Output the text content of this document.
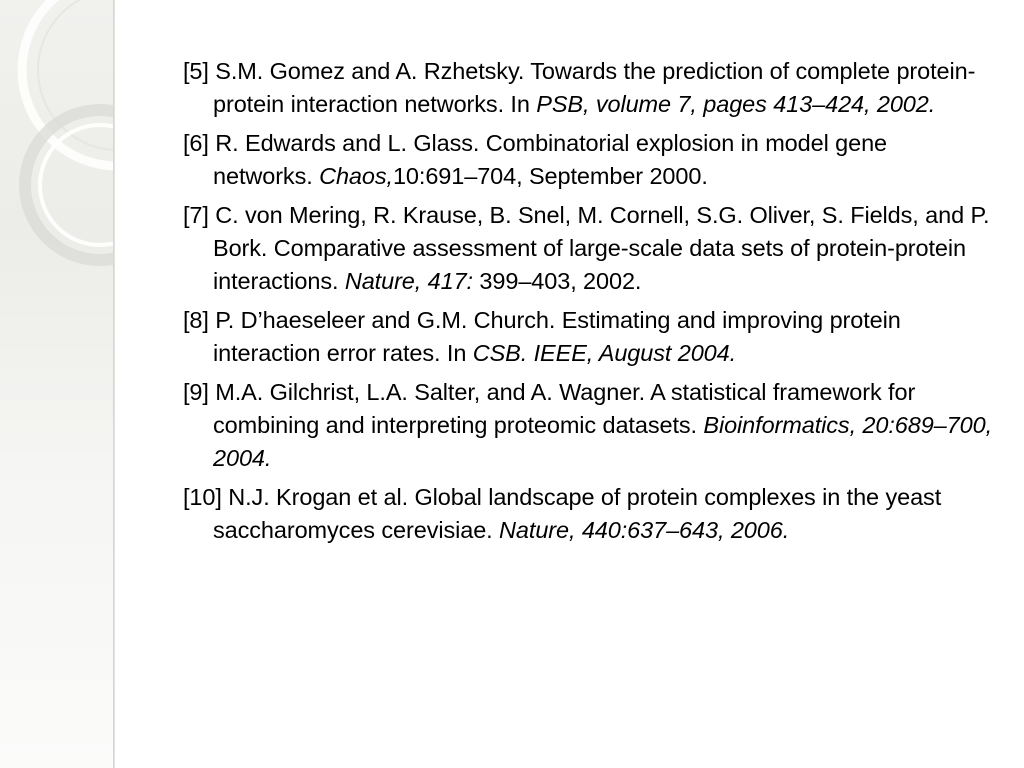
[5] S.M. Gomez and A. Rzhetsky. Towards the prediction of complete protein-protein interaction networks. In PSB, volume 7, pages 413–424, 2002.

[6] R. Edwards and L. Glass. Combinatorial explosion in model gene networks. Chaos,10:691–704, September 2000.

[7] C. von Mering, R. Krause, B. Snel, M. Cornell, S.G. Oliver, S. Fields, and P. Bork. Comparative assessment of large-scale data sets of protein-protein interactions. Nature, 417: 399–403, 2002.

[8] P. D’haeseleer and G.M. Church. Estimating and improving protein interaction error rates. In CSB. IEEE, August 2004.

[9] M.A. Gilchrist, L.A. Salter, and A. Wagner. A statistical framework for combining and interpreting proteomic datasets. Bioinformatics, 20:689–700, 2004.

[10] N.J. Krogan et al. Global landscape of protein complexes in the yeast saccharomyces cerevisiae. Nature, 440:637–643, 2006.
